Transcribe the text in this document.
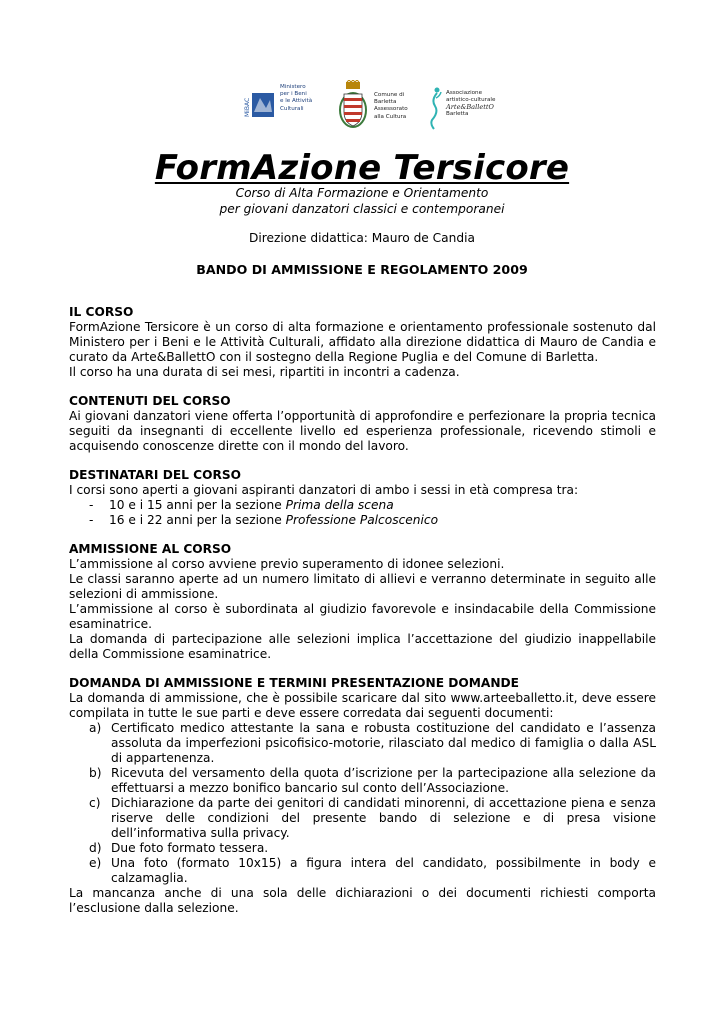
MiBAC
Ministero
per i Beni
e le Attività
Culturali
Comune di
Barletta
Assessorato
alla Cultura
Associazione
artistico-culturale
Arte&BallettO
Barletta
FormAzione Tersicore
Corso di Alta Formazione e Orientamento
per giovani danzatori classici e contemporanei
Direzione didattica: Mauro de Candia
BANDO DI AMMISSIONE E REGOLAMENTO 2009
IL CORSO

FormAzione Tersicore è un corso di alta formazione e orientamento professionale sostenuto dal Ministero per i Beni e le Attività Culturali, affidato alla direzione didattica di Mauro de Candia e curato da Arte&BallettO con il sostegno della Regione Puglia e del Comune di Barletta.

Il corso ha una durata di sei mesi, ripartiti in incontri a cadenza.

CONTENUTI DEL CORSO

Ai giovani danzatori viene offerta l’opportunità di approfondire e perfezionare la propria tecnica seguiti da insegnanti di eccellente livello ed esperienza professionale, ricevendo stimoli e acquisendo conoscenze dirette con il mondo del lavoro.

DESTINATARI DEL CORSO

I corsi sono aperti a giovani aspiranti danzatori di ambo i sessi in età compresa tra:

- 10 e i 15 anni per la sezione Prima della scena
- 16 e i 22 anni per la sezione Professione Palcoscenico
AMMISSIONE AL CORSO

L’ammissione al corso avviene previo superamento di idonee selezioni.

Le classi saranno aperte ad un numero limitato di allievi e verranno determinate in seguito alle selezioni di ammissione.

L’ammissione al corso è subordinata al giudizio favorevole e insindacabile della Commissione esaminatrice.

La domanda di partecipazione alle selezioni implica l’accettazione del giudizio inappellabile della Commissione esaminatrice.

DOMANDA DI AMMISSIONE E TERMINI PRESENTAZIONE DOMANDE

La domanda di ammissione, che è possibile scaricare dal sito www.arteeballetto.it, deve essere compilata in tutte le sue parti e deve essere corredata dai seguenti documenti:

a) Certificato medico attestante la sana e robusta costituzione del candidato e l’assenza assoluta da imperfezioni psicofisico-motorie, rilasciato dal medico di famiglia o dalla ASL di appartenenza.
b) Ricevuta del versamento della quota d’iscrizione per la partecipazione alla selezione da effettuarsi a mezzo bonifico bancario sul conto dell’Associazione.
c) Dichiarazione da parte dei genitori di candidati minorenni, di accettazione piena e senza riserve delle condizioni del presente bando di selezione e di presa visione dell’informativa sulla privacy.
d) Due foto formato tessera.
e) Una foto (formato 10x15) a figura intera del candidato, possibilmente in body e calzamaglia.

La mancanza anche di una sola delle dichiarazioni o dei documenti richiesti comporta l’esclusione dalla selezione.
